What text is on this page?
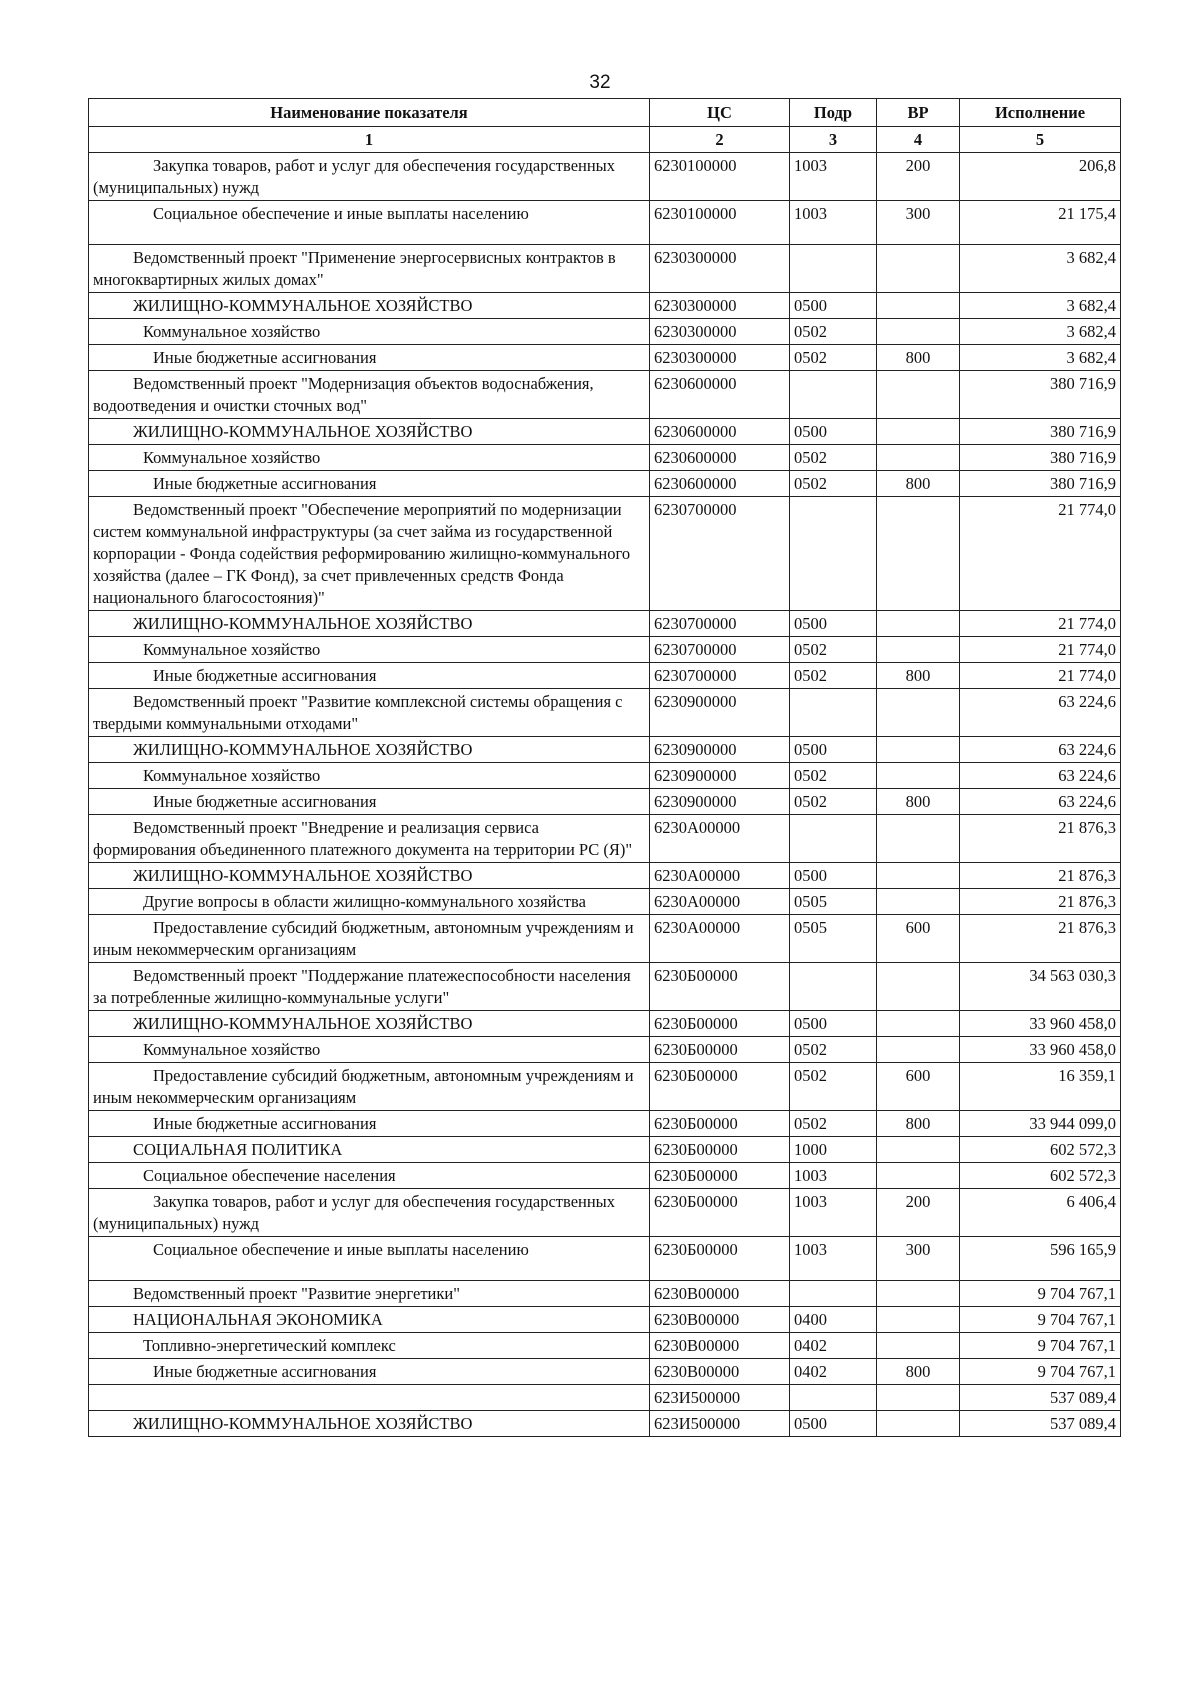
32
Наименование показателя	ЦС	Подр	ВР	Исполнение
1	2	3	4	5
Закупка товаров, работ и услуг для обеспечения государственных (муниципальных) нужд	6230100000	1003	200	206,8
Социальное обеспечение и иные выплаты населению	6230100000	1003	300	21 175,4
Ведомственный проект "Применение энергосервисных контрактов в многоквартирных жилых домах"	6230300000			3 682,4
ЖИЛИЩНО-КОММУНАЛЬНОЕ ХОЗЯЙСТВО	6230300000	0500		3 682,4
Коммунальное хозяйство	6230300000	0502		3 682,4
Иные бюджетные ассигнования	6230300000	0502	800	3 682,4
Ведомственный проект "Модернизация объектов водоснабжения, водоотведения и очистки сточных вод"	6230600000			380 716,9
ЖИЛИЩНО-КОММУНАЛЬНОЕ ХОЗЯЙСТВО	6230600000	0500		380 716,9
Коммунальное хозяйство	6230600000	0502		380 716,9
Иные бюджетные ассигнования	6230600000	0502	800	380 716,9
Ведомственный проект "Обеспечение мероприятий по модернизации систем коммунальной инфраструктуры (за счет займа из государственной корпорации - Фонда содействия реформированию жилищно-коммунального хозяйства (далее – ГК Фонд), за счет привлеченных средств Фонда национального благосостояния)"	6230700000			21 774,0
ЖИЛИЩНО-КОММУНАЛЬНОЕ ХОЗЯЙСТВО	6230700000	0500		21 774,0
Коммунальное хозяйство	6230700000	0502		21 774,0
Иные бюджетные ассигнования	6230700000	0502	800	21 774,0
Ведомственный проект "Развитие комплексной системы обращения с твердыми коммунальными отходами"	6230900000			63 224,6
ЖИЛИЩНО-КОММУНАЛЬНОЕ ХОЗЯЙСТВО	6230900000	0500		63 224,6
Коммунальное хозяйство	6230900000	0502		63 224,6
Иные бюджетные ассигнования	6230900000	0502	800	63 224,6
Ведомственный проект "Внедрение и реализация сервиса формирования объединенного платежного документа на территории РС (Я)"	6230А00000			21 876,3
ЖИЛИЩНО-КОММУНАЛЬНОЕ ХОЗЯЙСТВО	6230А00000	0500		21 876,3
Другие вопросы в области жилищно-коммунального хозяйства	6230А00000	0505		21 876,3
Предоставление субсидий бюджетным, автономным учреждениям и иным некоммерческим организациям	6230А00000	0505	600	21 876,3
Ведомственный проект "Поддержание платежеспособности населения за потребленные жилищно-коммунальные услуги"	6230Б00000			34 563 030,3
ЖИЛИЩНО-КОММУНАЛЬНОЕ ХОЗЯЙСТВО	6230Б00000	0500		33 960 458,0
Коммунальное хозяйство	6230Б00000	0502		33 960 458,0
Предоставление субсидий бюджетным, автономным учреждениям и иным некоммерческим организациям	6230Б00000	0502	600	16 359,1
Иные бюджетные ассигнования	6230Б00000	0502	800	33 944 099,0
СОЦИАЛЬНАЯ ПОЛИТИКА	6230Б00000	1000		602 572,3
Социальное обеспечение населения	6230Б00000	1003		602 572,3
Закупка товаров, работ и услуг для обеспечения государственных (муниципальных) нужд	6230Б00000	1003	200	6 406,4
Социальное обеспечение и иные выплаты населению	6230Б00000	1003	300	596 165,9
Ведомственный проект "Развитие энергетики"	6230В00000			9 704 767,1
НАЦИОНАЛЬНАЯ ЭКОНОМИКА	6230В00000	0400		9 704 767,1
Топливно-энергетический комплекс	6230В00000	0402		9 704 767,1
Иные бюджетные ассигнования	6230В00000	0402	800	9 704 767,1
	623И500000			537 089,4
ЖИЛИЩНО-КОММУНАЛЬНОЕ ХОЗЯЙСТВО	623И500000	0500		537 089,4
